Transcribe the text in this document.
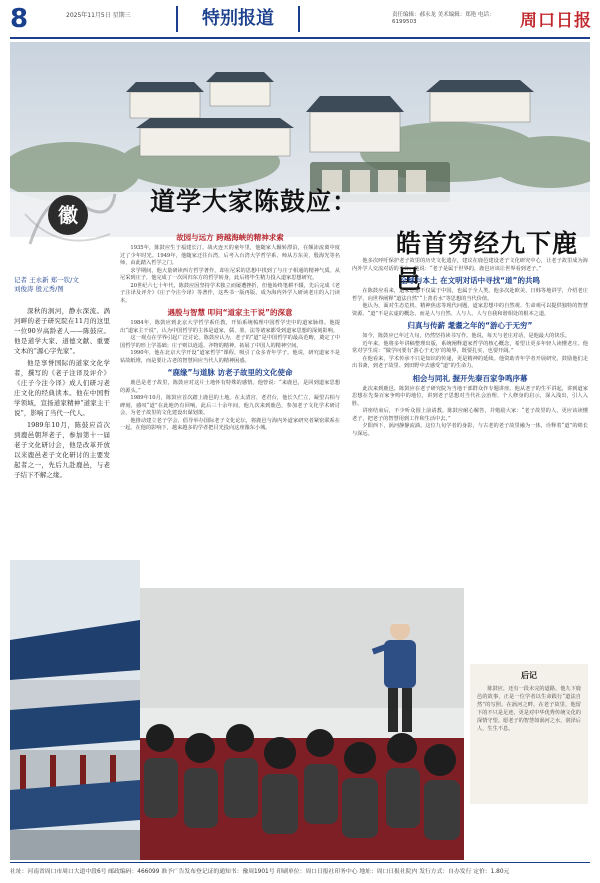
8	2025年11月5日 星期三	特别报道	责任编辑：郝永龙 美术编辑：郑艳 电话：6199503	周口日报
徽	道学大家陈鼓应：
皓首穷经九下鹿邑
记者 王永新 郑一钦/文
刘俊涛 殷元秀/图

深秋的涡河，静水深流。涡河畔的老子研究院在11月的这里一位90岁高龄老人——陈鼓应。他是道学大家、道德文献、重要文本的“源心字先家”。

他是享誉国际的道家文化学者，撰写的《老子注译及评介》《庄子今注今译》成人们研习老庄文化的经典读本。他在中国哲学领域，宣扬道家精神“道家主干说”，影响了当代一代人。

1989年10月，陈鼓应首次到鹿邑朝拜老子，参加第十一届老子文化研讨会，他是改革开放以来鹿邑老子文化研讨的主要发起者之一，先后九赴鹿邑，与老子结下不解之缘。

故园与远方 跨越海峡的精神求索

1935年，陈鼓应生于福建长汀。战火连天的童年里，他随家人辗转漂泊，在颠沛流离中度过了少年时光。1949年，他随家迁往台湾，后考入台湾大学哲学系，师从方东美、殷海光等名师，由此踏入哲学之门。

求学期间，他大量研读西方哲学著作，却在尼采的思想中找到了与庄子相通的精神气质。从尼采到庄子，他完成了一次回归东方的哲学转身，此后将毕生精力投入道家思想研究。

20世纪六七十年代，陈鼓应因坚持学术独立而屡遭挫折，但他始终笔耕不辍，先后完成《老子注译及评介》《庄子今注今译》等著作，这些书一版再版，成为海内外学人研读老庄的入门读本。

遇殷与智慧 叩问“道家主干说”的深意

1984年，陈鼓应到北京大学哲学系任教，开始系统梳理中国哲学史中的道家脉络。他提出“道家主干说”，认为中国哲学的主体是道家，儒、墨、法等诸家都受到道家思想的深刻影响。

这一观点在学界引起广泛讨论。陈鼓应认为，老子的“道”是中国哲学的最高范畴，奠定了中国哲学的形上学基础；庄子则以逍遥、齐物的精神，拓展了中国人的精神空间。

1990年，他在北京大学开设“道家哲学”课程，吸引了众多青年学子。他说，研究道家不是钻故纸堆，而是要让古老的智慧回应当代人的精神困惑。

“鹿缘”与道脉 访老子故里的文化使命

鹿邑是老子故里，陈鼓应对这片土地怀有特殊的感情。他曾说：“来鹿邑，是回到道家思想的源头。”

1989年10月，陈鼓应首次踏上鹿邑的土地。在太清宫、老君台，他长久伫立，凝望古柏与碑刻，感叹“道”在此地仍有回响。此后三十余年间，他九次来到鹿邑，参加老子文化学术研讨会，为老子故里的文化建设出谋划策。

他推动建立老子学会，倡导举办国际老子文化论坛，将鹿邑与海内外道家研究者紧密联系在一起。在他的影响下，越来越多的学者把目光投向这座豫东小城。

他多次呼吁保护老子故里的历史文化遗存，建议在鹿邑建设老子文化研究中心，让老子故里成为海内外学人交流对话的平台。他说：“老子是属于世界的，鹿邑应该让世界看到老子。”

全球与本土 在文明对话中寻找“道”的共鸣

在陈鼓应看来，道家思想不仅属于中国，也属于全人类。他多次赴欧美、日韩等地讲学，介绍老庄哲学，向世界阐释“道法自然”“上善若水”等思想的当代价值。

他认为，面对生态危机、精神焦虑等现代问题，道家思想中的自然观、生命观可以提供独特的智慧资源。“道”不是玄虚的概念，而是人与自然、人与人、人与自我和谐相处的根本之道。

归真与传薪 耄耋之年的“游心于无穷”

如今，陈鼓应已年过九旬，仍然坚持读书写作。他说，每天与老庄对话，是他最大的快乐。

近年来，他将多年讲稿整理出版，系统阐释道家哲学的核心概念，希望让更多年轻人读懂老庄。他常对学生说：“做学问要有‘游心于无穷’的境界，既要扎实，也要开阔。”

在他看来，学术传承不只是知识的传递，更是精神的延续。他资助青年学者开展研究，鼓励他们走出书斋，到老子故里、到田野中去感受“道”的生命力。

相会与同礼 握开先秦百家争鸣序幕

此次来到鹿邑，陈鼓应在老子研究院为当地干部群众作专题讲座。他从老子的生平讲起，讲到道家思想在先秦百家争鸣中的地位，讲到老子思想对当代社会治理、个人修身的启示，深入浅出，引人入胜。

讲座结束后，不少听众围上前请教。陈鼓应耐心解答，并勉励大家：“老子故里的人，更应该读懂老子，把老子的智慧用到工作和生活中去。”

夕阳西下，涡河静静流淌。这位九旬学者的身影，与古老的老子故里融为一体，诠释着“道”的绵长与深远。

后记
陈鼓应，还有一段未完的道路。他九下鹿邑的故事，正是一位学者以生命践行“道法自然”的写照。在涡河之畔，在老子故里，他留下的不只是足迹，更是对中华优秀传统文化的深情守望。愿老子的智慧如涡河之水，润泽后人，生生不息。
社址：河南省周口市周口大道中段6号 邮政编码：466099 准予广告发布登记证的通知书：豫周1901号 印刷单位：周口日报社印务中心 地址：周口日报社院内 发行方式：自办发行 定价：1.80元
